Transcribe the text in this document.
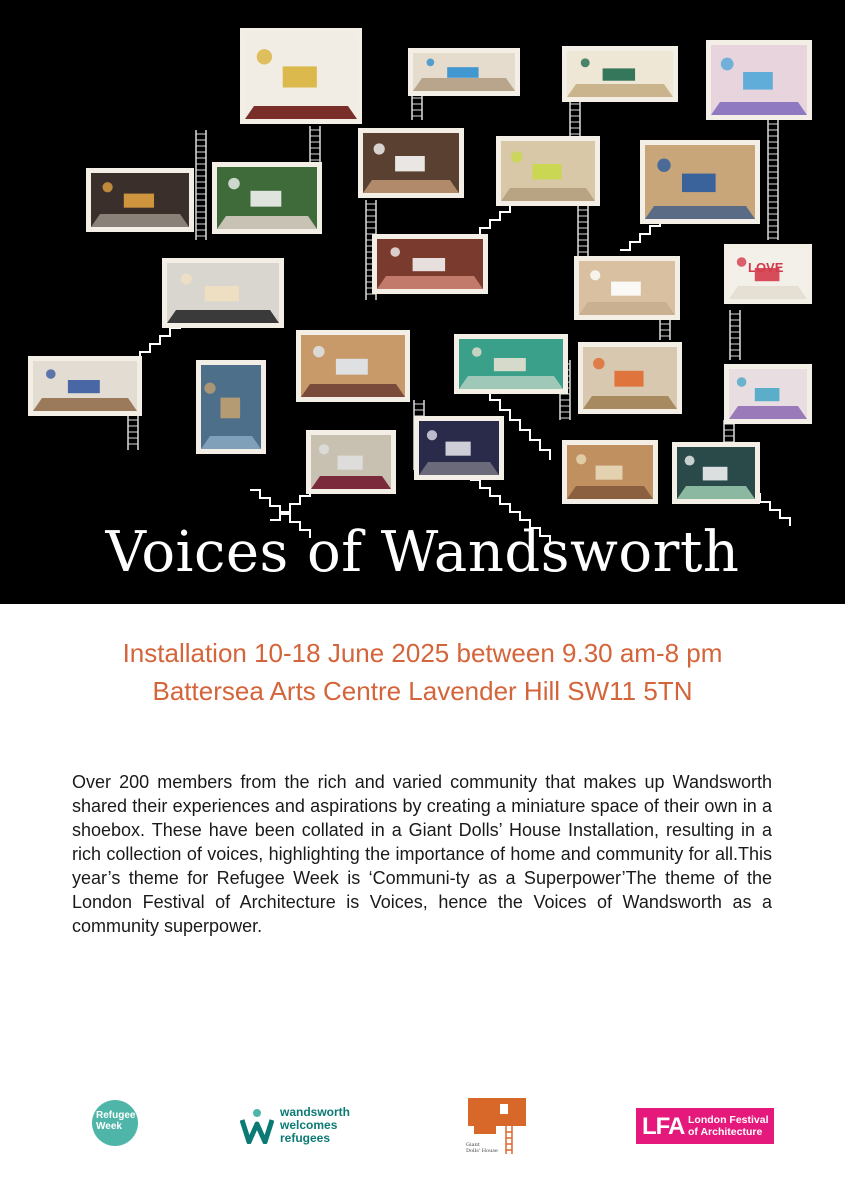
LOVE
Voices of Wandsworth
Installation 10-18 June 2025 between 9.30 am-8 pm
Battersea Arts Centre Lavender Hill SW11 5TN

Over 200 members from the rich and varied community that makes up Wandsworth shared their experiences and aspirations by creating a miniature space of their own in a shoebox. These have been collated in a Giant Dolls’ House Installation, resulting in a rich collection of voices, highlighting the importance of home and community for all.This year’s theme for Refugee Week is ‘Communi-ty as a Superpower’The theme of the London Festival of Architecture is Voices, hence the Voices of Wandsworth as a community superpower.

Refugee Week
wandsworth
welcomes
refugees	Giant
Dolls' House
LFA London Festival
of Architecture
